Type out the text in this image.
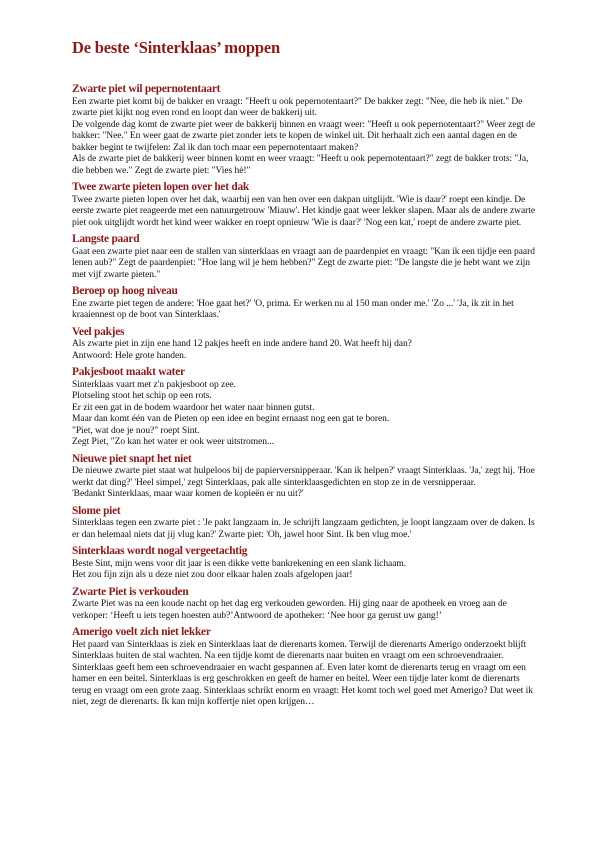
De beste ‘Sinterklaas’ moppen
Zwarte piet wil pepernotentaart

Een zwarte piet komt bij de bakker en vraagt: "Heeft u ook pepernotentaart?" De bakker zegt: "Nee, die heb ik niet." De zwarte piet kijkt nog even rond en loopt dan weer de bakkerij uit.

De volgende dag komt de zwarte piet weer de bakkerij binnen en vraagt weer: "Heeft u ook pepernotentaart?" Weer zegt de bakker: "Nee." En weer gaat de zwarte piet zonder iets te kopen de winkel uit. Dit herhaalt zich een aantal dagen en de bakker begint te twijfelen: Zal ik dan toch maar een pepernotentaart maken?

Als de zwarte piet de bakkerij weer binnen komt en weer vraagt: "Heeft u ook pepernotentaart?" zegt de bakker trots: "Ja, die hebben we." Zegt de zwarte piet: "Vies hè!"

Twee zwarte pieten lopen over het dak

Twee zwarte pieten lopen over het dak, waarbij een van hen over een dakpan uitglijdt. 'Wie is daar?' roept een kindje. De eerste zwarte piet reageerde met een natuurgetrouw 'Miauw'. Het kindje gaat weer lekker slapen. Maar als de andere zwarte piet ook uitglijdt wordt het kind weer wakker en roept opnieuw 'Wie is daar?' 'Nog een kat,' roept de andere zwarte piet.

Langste paard

Gaat een zwarte piet naar een de stallen van sinterklaas en vraagt aan de paardenpiet en vraagt: "Kan ik een tijdje een paard lenen aub?" Zegt de paardenpiet: "Hoe lang wil je hem hebben?" Zegt de zwarte piet: "De langste die je hebt want we zijn met vijf zwarte pieten."

Beroep op hoog niveau

Ene zwarte piet tegen de andere: 'Hoe gaat het?' 'O, prima. Er werken nu al 150 man onder me.' 'Zo ...' 'Ja, ik zit in het kraaiennest op de boot van Sinterklaas.'

Veel pakjes

Als zwarte piet in zijn ene hand 12 pakjes heeft en inde andere hand 20. Wat heeft hij dan?

Antwoord: Hele grote handen.

Pakjesboot maakt water

Sinterklaas vaart met z'n pakjesboot op zee.

Plotseling stoot het schip op een rots.

Er zit een gat in de bodem waardoor het water naar binnen gutst.

Maar dan komt één van de Pieten op een idee en begint ernaast nog een gat te boren.

"Piet, wat doe je nou?" roept Sint.

Zegt Piet, "Zo kan het water er ook weer uitstromen...

Nieuwe piet snapt het niet

De nieuwe zwarte piet staat wat hulpeloos bij de papierversnipperaar. 'Kan ik helpen?' vraagt Sinterklaas. 'Ja,' zegt hij. 'Hoe werkt dat ding?' 'Heel simpel,' zegt Sinterklaas, pak alle sinterklaasgedichten en stop ze in de versnipperaar.

'Bedankt Sinterklaas, maar waar komen de kopieën er nu uit?'

Slome piet

Sinterklaas tegen een zwarte piet : 'Je pakt langzaam in. Je schrijft langzaam gedichten, je loopt langzaam over de daken. Is er dan helemaal niets dat jij vlug kan?' Zwarte piet: 'Oh, jawel hoor Sint. Ik ben vlug moe.'

Sinterklaas wordt nogal vergeetachtig

Beste Sint, mijn wens voor dit jaar is een dikke vette bankrekening en een slank lichaam.

Het zou fijn zijn als u deze niet zou door elkaar halen zoals afgelopen jaar!

Zwarte Piet is verkouden

Zwarte Piet was na een koude nacht op het dag erg verkouden geworden. Hij ging naar de apotheek en vroeg aan de verkoper: ‘Heeft u iets tegen hoesten aub?’Antwoord de apotheker: ‘Nee hoor ga gerust uw gang!’

Amerigo voelt zich niet lekker

Het paard van Sinterklaas is ziek en Sinterklaas laat de dierenarts komen. Terwijl de dierenarts Amerigo onderzoekt blijft Sinterklaas buiten de stal wachten. Na een tijdje komt de dierenarts naar buiten en vraagt om een schroevendraaier. Sinterklaas geeft hem een schroevendraaier en wacht gespannen af. Even later komt de dierenarts terug en vraagt om een hamer en een beitel. Sinterklaas is erg geschrokken en geeft de hamer en beitel. Weer een tijdje later komt de dierenarts terug en vraagt om een grote zaag. Sinterklaas schrikt enorm en vraagt: Het komt toch wel goed met Amerigo? Dat weet ik niet, zegt de dierenarts. Ik kan mijn koffertje niet open krijgen…
